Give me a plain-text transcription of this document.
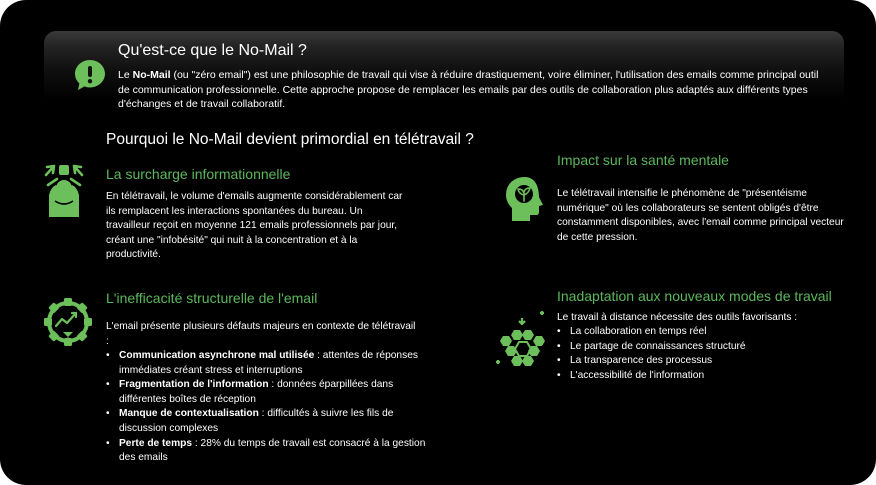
Qu'est-ce que le No-Mail ?
Le No-Mail (ou "zéro email") est une philosophie de travail qui vise à réduire drastiquement, voire éliminer, l'utilisation des emails comme principal outil de communication professionnelle. Cette approche propose de remplacer les emails par des outils de collaboration plus adaptés aux différents types d'échanges et de travail collaboratif.
Pourquoi le No-Mail devient primordial en télétravail ?
La surcharge informationnelle
En télétravail, le volume d'emails augmente considérablement car ils remplacent les interactions spontanées du bureau. Un travailleur reçoit en moyenne 121 emails professionnels par jour, créant une "infobésité" qui nuit à la concentration et à la productivité.
L'inefficacité structurelle de l'email
L'email présente plusieurs défauts majeurs en contexte de télétravail :
• Communication asynchrone mal utilisée : attentes de réponses immédiates créant stress et interruptions
• Fragmentation de l'information : données éparpillées dans différentes boîtes de réception
• Manque de contextualisation : difficultés à suivre les fils de discussion complexes
• Perte de temps : 28% du temps de travail est consacré à la gestion des emails
Impact sur la santé mentale
Le télétravail intensifie le phénomène de "présentéisme numérique" où les collaborateurs se sentent obligés d'être constamment disponibles, avec l'email comme principal vecteur de cette pression.
Inadaptation aux nouveaux modes de travail
Le travail à distance nécessite des outils favorisants :
• La collaboration en temps réel
• Le partage de connaissances structuré
• La transparence des processus
• L'accessibilité de l'information
